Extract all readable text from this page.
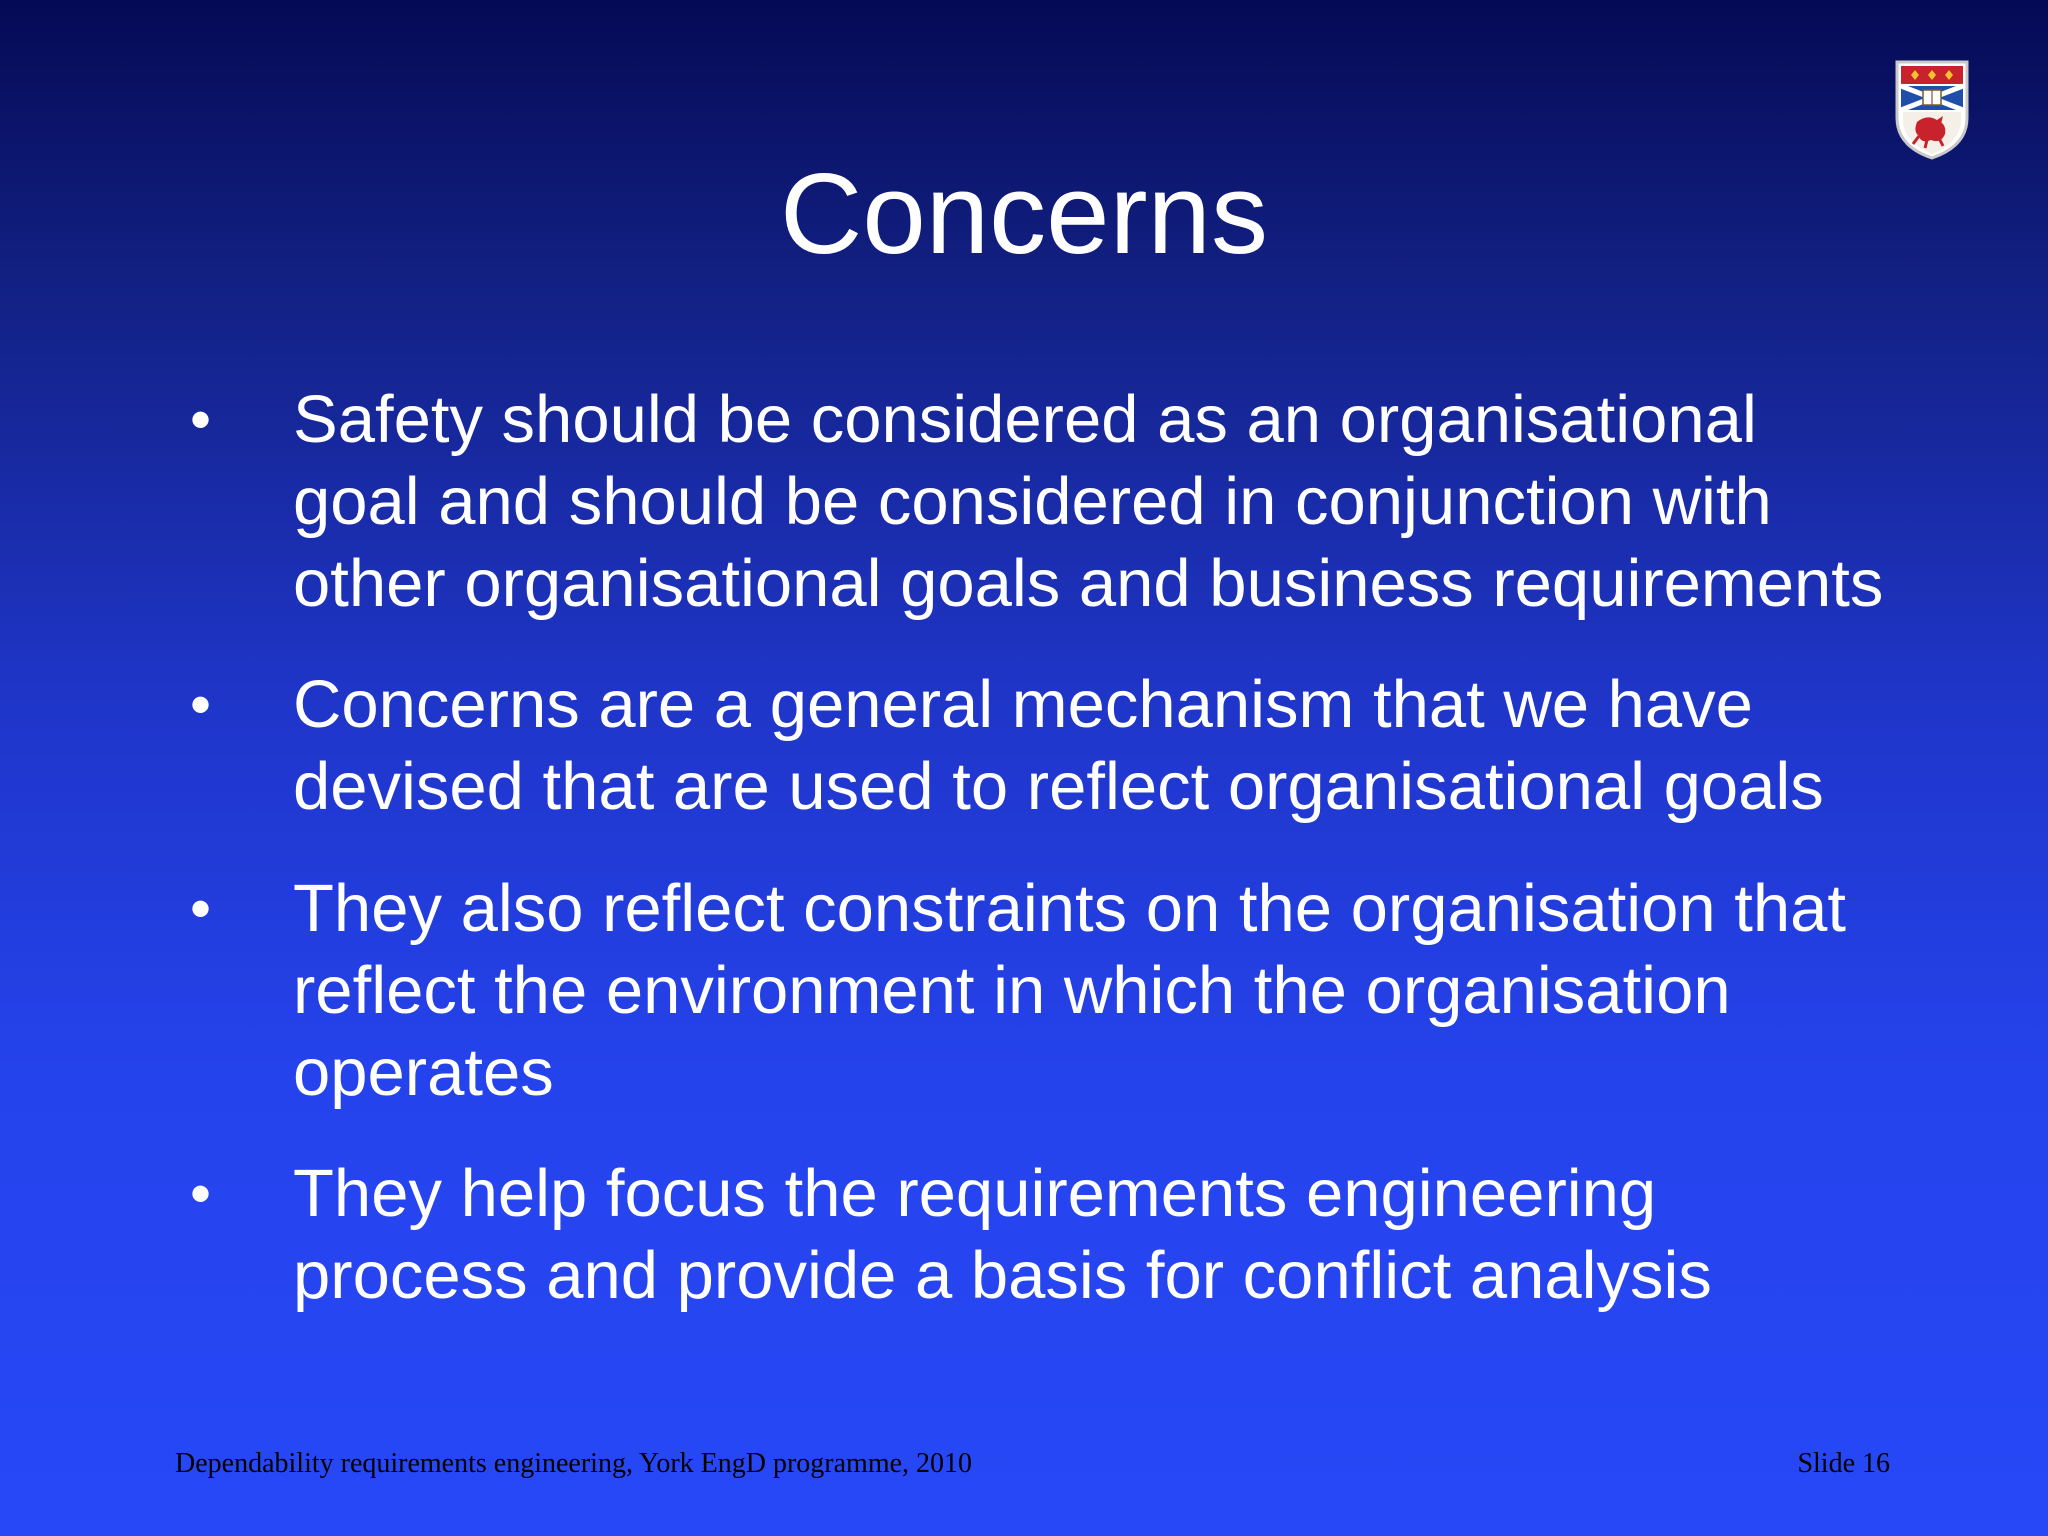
Concerns
• Safety should be considered as an organisational
goal and should be considered in conjunction with
other organisational goals and business requirements
• Concerns are a general mechanism that we have
devised that are used to reflect organisational goals
• They also reflect constraints on the organisation that
reflect the environment in which the organisation
operates
• They help focus the requirements engineering
process and provide a basis for conflict analysis
Dependability requirements engineering, York EngD programme, 2010	Slide 16
